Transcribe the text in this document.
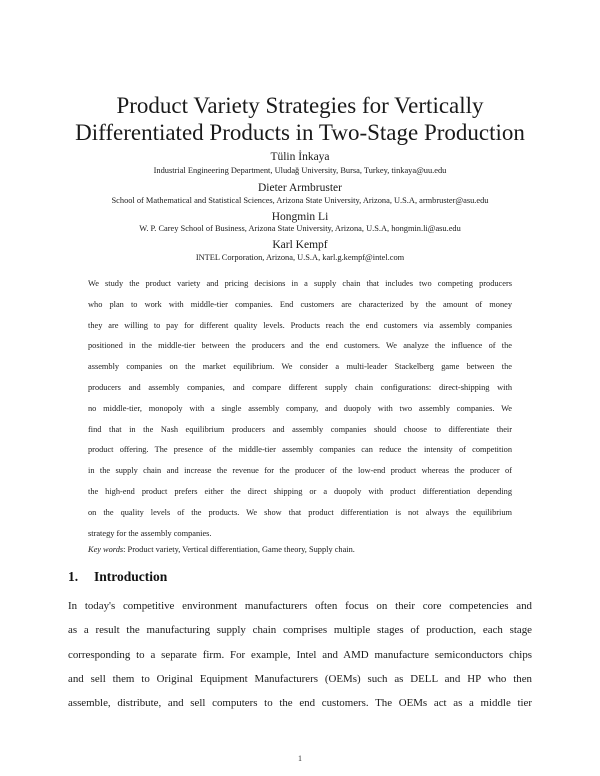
Product Variety Strategies for Vertically
Differentiated Products in Two-Stage Production
Tülin İnkaya
Industrial Engineering Department, Uludağ University, Bursa, Turkey, tinkaya@uu.edu
Dieter Armbruster
School of Mathematical and Statistical Sciences, Arizona State University, Arizona, U.S.A, armbruster@asu.edu
Hongmin Li
W. P. Carey School of Business, Arizona State University, Arizona, U.S.A, hongmin.li@asu.edu
Karl Kempf
INTEL Corporation, Arizona, U.S.A, karl.g.kempf@intel.com
We study the product variety and pricing decisions in a supply chain that includes two competing producers
who plan to work with middle-tier companies. End customers are characterized by the amount of money
they are willing to pay for different quality levels. Products reach the end customers via assembly companies
positioned in the middle-tier between the producers and the end customers. We analyze the influence of the
assembly companies on the market equilibrium. We consider a multi-leader Stackelberg game between the
producers and assembly companies, and compare different supply chain configurations: direct-shipping with
no middle-tier, monopoly with a single assembly company, and duopoly with two assembly companies. We
find that in the Nash equilibrium producers and assembly companies should choose to differentiate their
product offering. The presence of the middle-tier assembly companies can reduce the intensity of competition
in the supply chain and increase the revenue for the producer of the low-end product whereas the producer of
the high-end product prefers either the direct shipping or a duopoly with product differentiation depending
on the quality levels of the products. We show that product differentiation is not always the equilibrium
strategy for the assembly companies.
Key words: Product variety, Vertical differentiation, Game theory, Supply chain.
1. Introduction
In today's competitive environment manufacturers often focus on their core competencies and
as a result the manufacturing supply chain comprises multiple stages of production, each stage
corresponding to a separate firm. For example, Intel and AMD manufacture semiconductors chips
and sell them to Original Equipment Manufacturers (OEMs) such as DELL and HP who then
assemble, distribute, and sell computers to the end customers. The OEMs act as a middle tier
1
